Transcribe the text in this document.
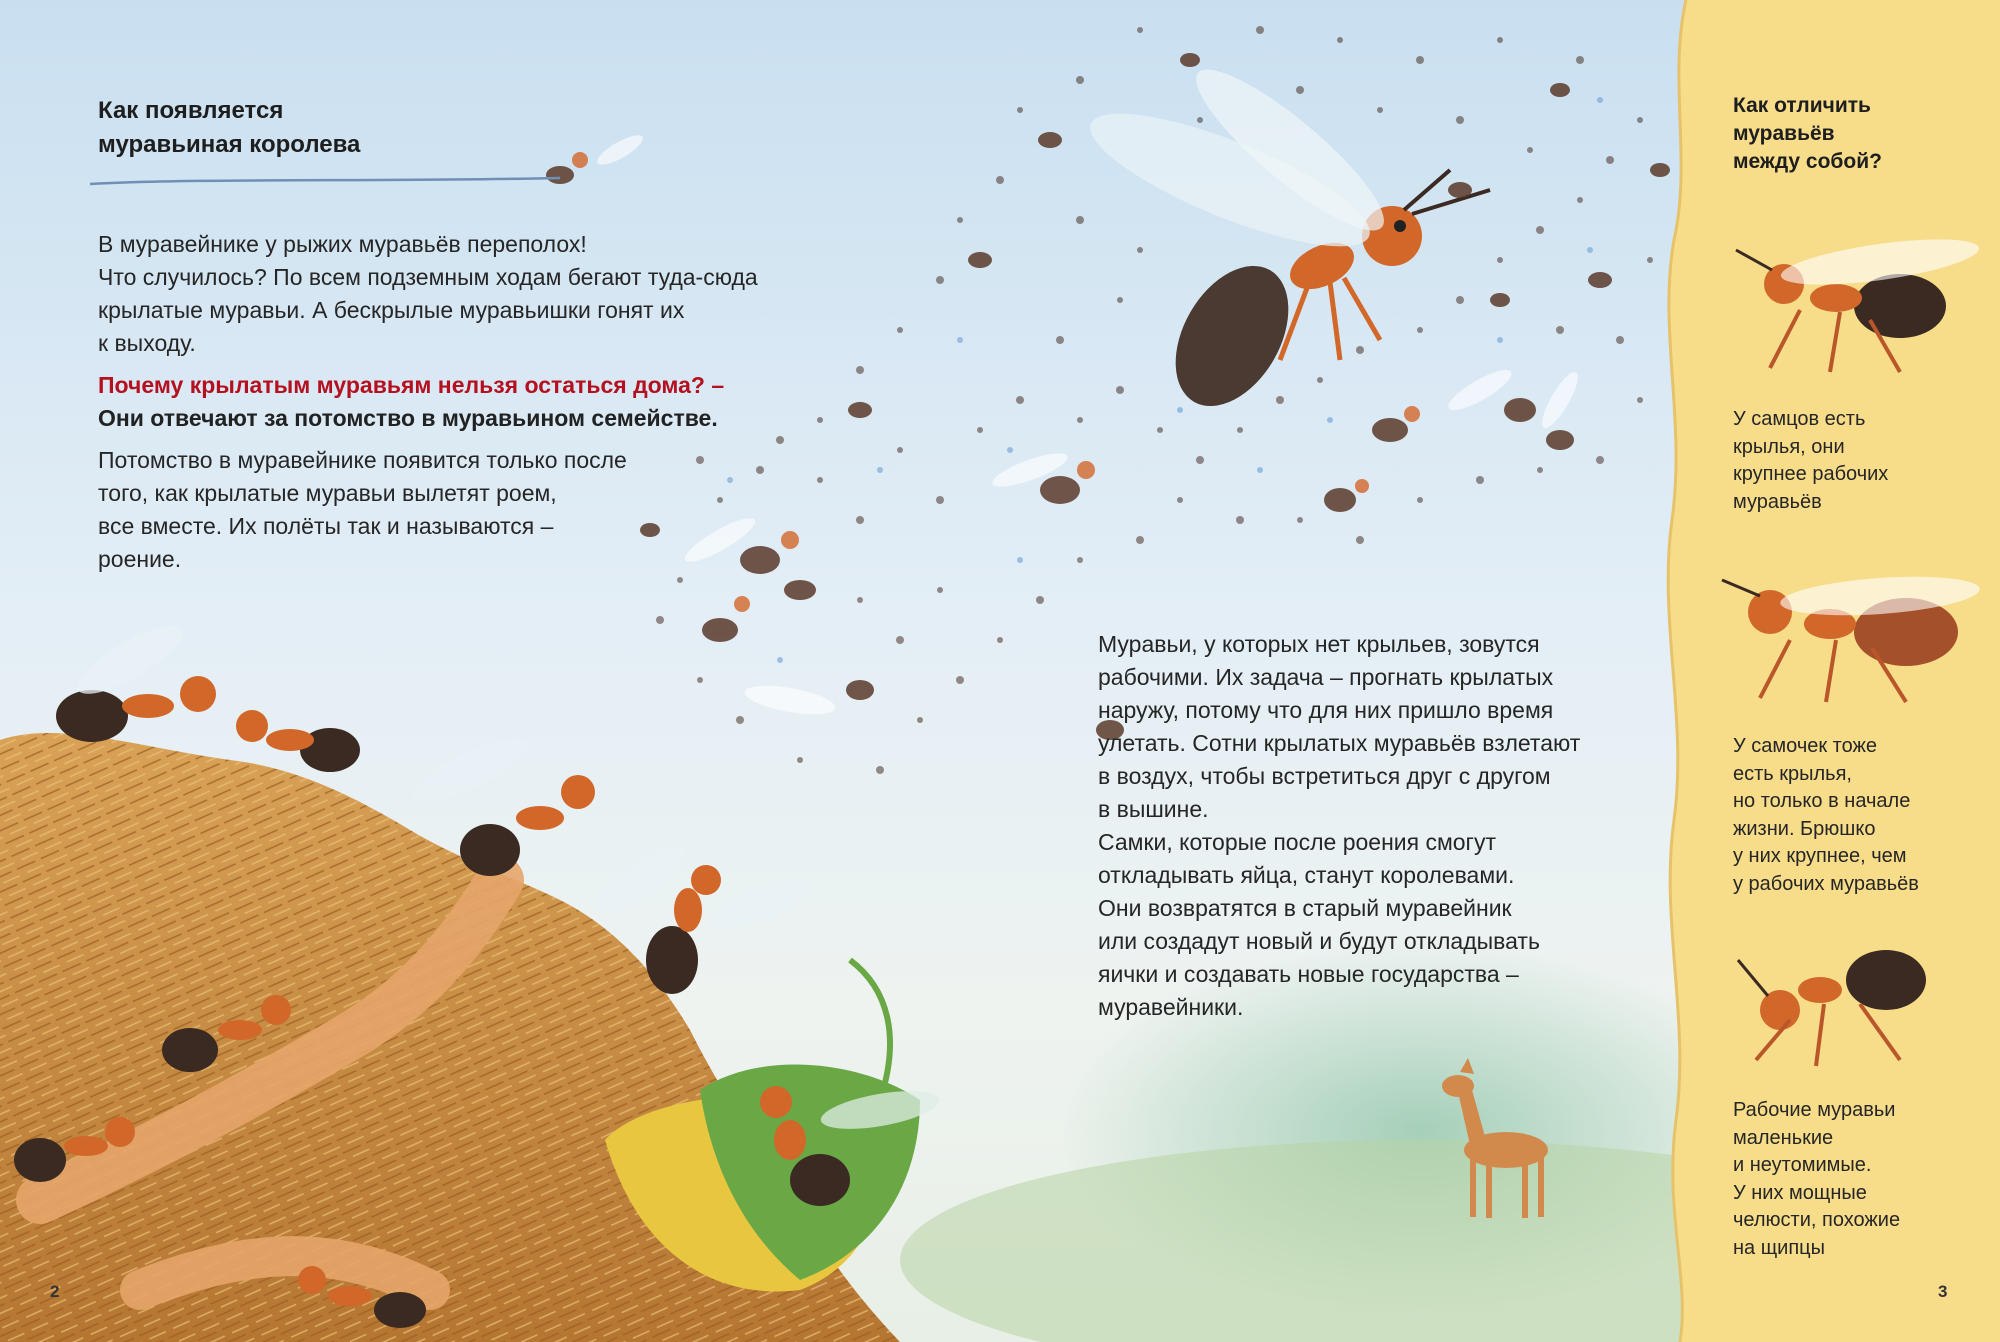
Как появляется
муравьиная королева

В муравейнике у рыжих муравьёв переполох!
Что случилось? По всем подземным ходам бегают туда-сюда
крылатые муравьи. А бескрылые муравьишки гонят их
к выходу.

Почему крылатым муравьям нельзя остаться дома? –
Они отвечают за потомство в муравьином семействе.

Потомство в муравейнике появится только после
того, как крылатые муравьи вылетят роем,
все вместе. Их полёты так и называются –
роение.

Муравьи, у которых нет крыльев, зовутся
рабочими. Их задача – прогнать крылатых
наружу, потому что для них пришло время
улетать. Сотни крылатых муравьёв взлетают
в воздух, чтобы встретиться друг с другом
в вышине.
Самки, которые после роения смогут
откладывать яйца, станут королевами.
Они возвратятся в старый муравейник
или создадут новый и будут откладывать
яички и создавать новые государства –
муравейники.

Как отличить
муравьёв
между собой?

У самцов есть
крылья, они
крупнее рабочих
муравьёв

У самочек тоже
есть крылья,
но только в начале
жизни. Брюшко
у них крупнее, чем
у рабочих муравьёв

Рабочие муравьи
маленькие
и неутомимые.
У них мощные
челюсти, похожие
на щипцы

2	3
